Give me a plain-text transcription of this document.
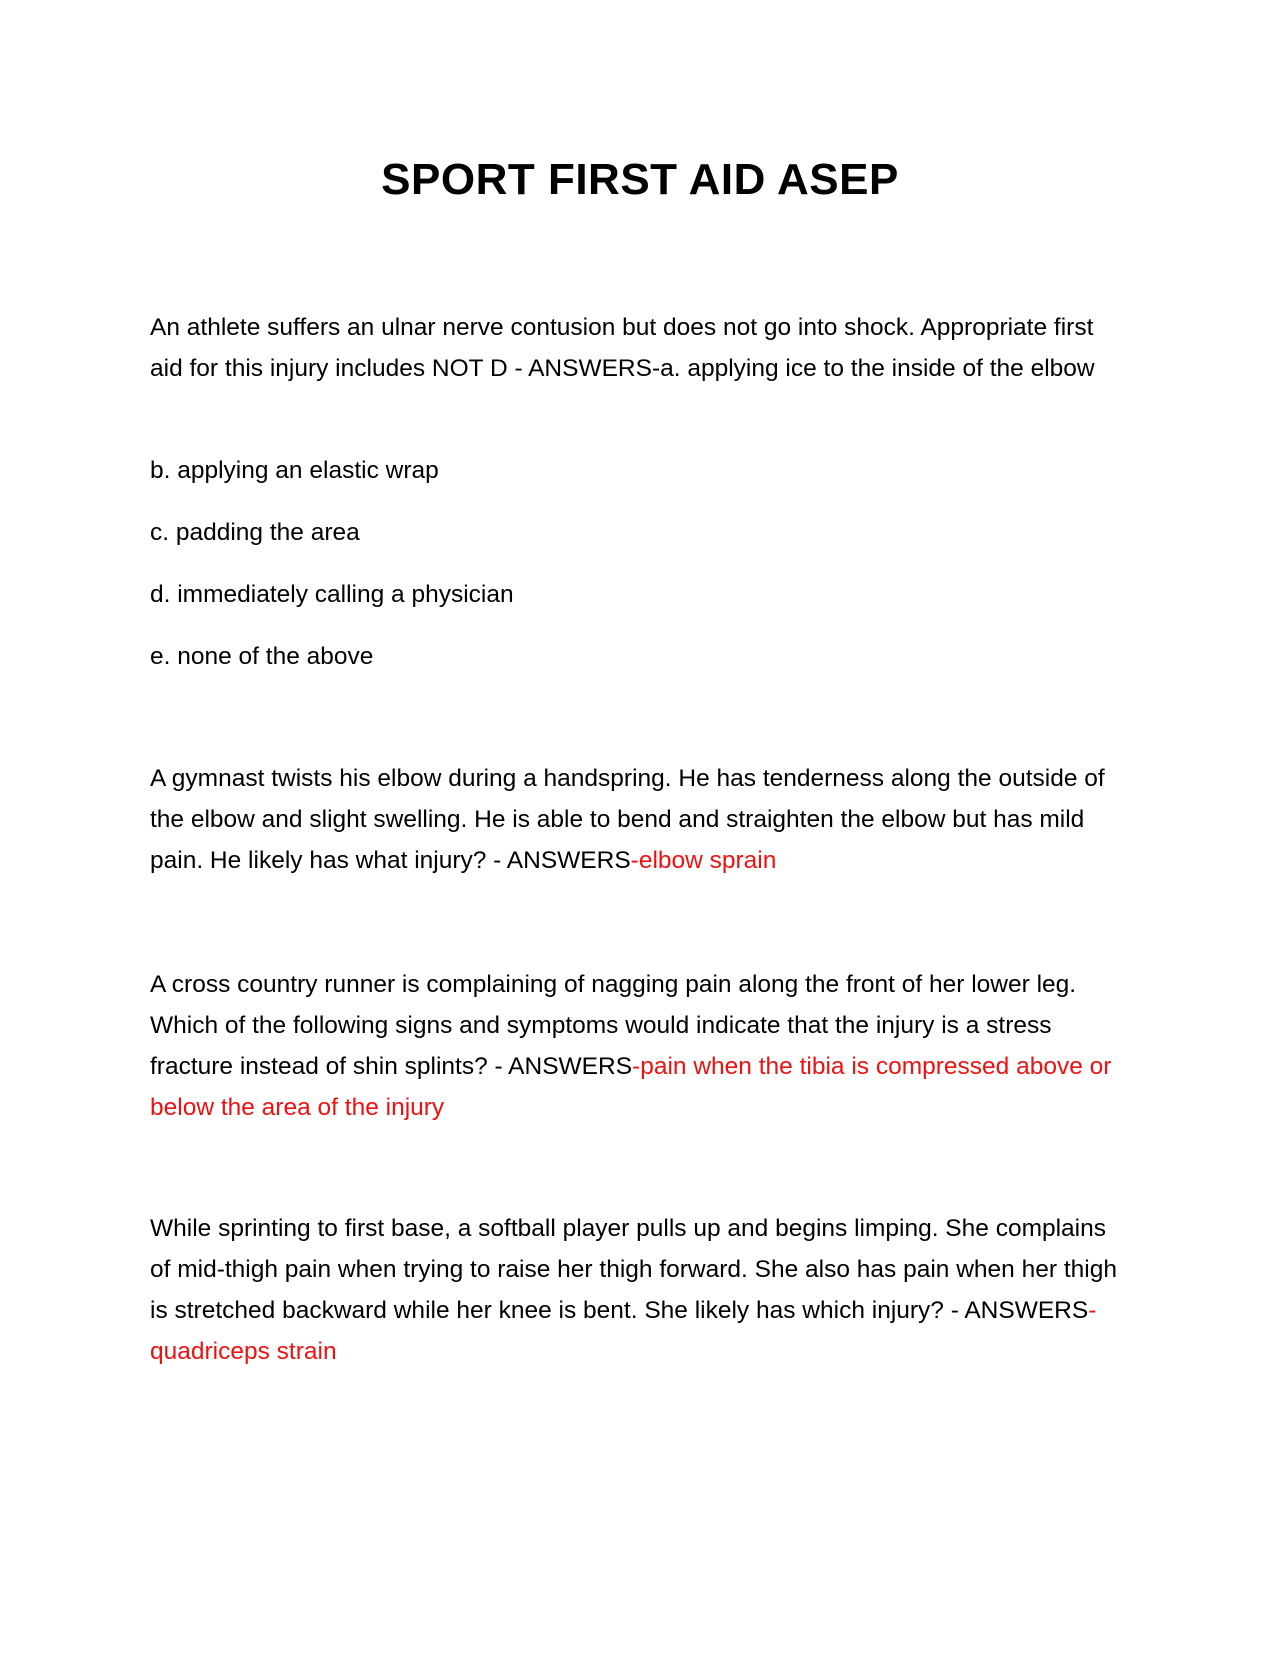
SPORT FIRST AID ASEP

An athlete suffers an ulnar nerve contusion but does not go into shock. Appropriate first aid for this injury includes NOT D - ANSWERS-a. applying ice to the inside of the elbow

b. applying an elastic wrap

c. padding the area

d. immediately calling a physician

e. none of the above

A gymnast twists his elbow during a handspring. He has tenderness along the outside of the elbow and slight swelling. He is able to bend and straighten the elbow but has mild pain. He likely has what injury? - ANSWERS-elbow sprain

A cross country runner is complaining of nagging pain along the front of her lower leg. Which of the following signs and symptoms would indicate that the injury is a stress fracture instead of shin splints? - ANSWERS-pain when the tibia is compressed above or below the area of the injury

While sprinting to first base, a softball player pulls up and begins limping. She complains of mid-thigh pain when trying to raise her thigh forward. She also has pain when her thigh is stretched backward while her knee is bent. She likely has which injury? - ANSWERS-quadriceps strain
